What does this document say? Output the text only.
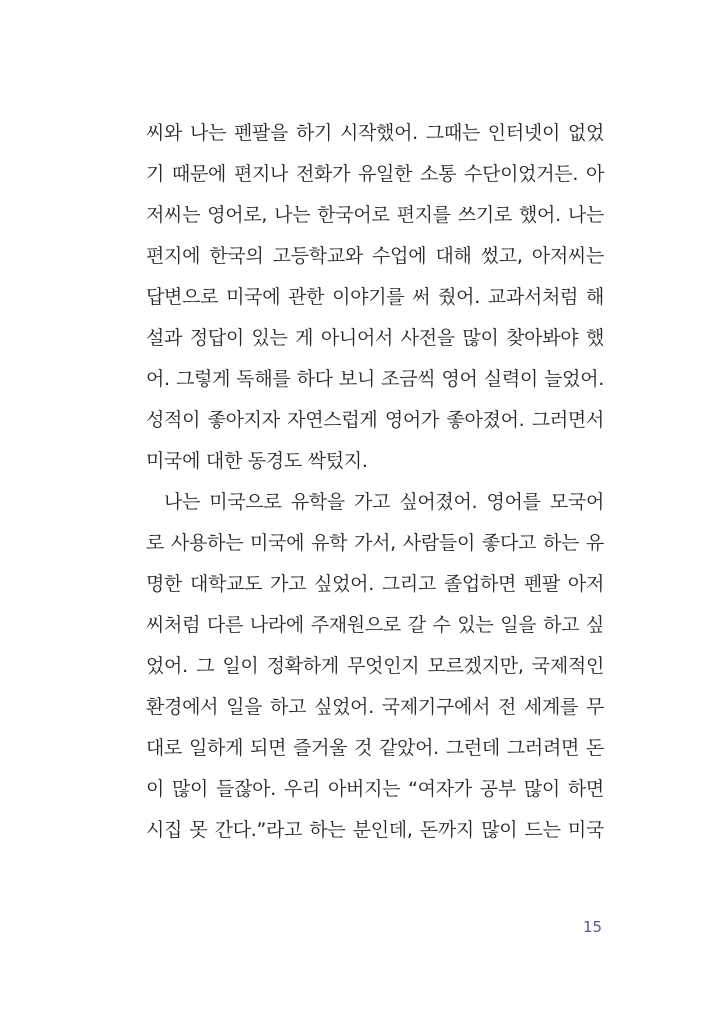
씨와 나는 펜팔을 하기 시작했어. 그때는 인터넷이 없었
기 때문에 편지나 전화가 유일한 소통 수단이었거든. 아
저씨는 영어로, 나는 한국어로 편지를 쓰기로 했어. 나는
편지에 한국의 고등학교와 수업에 대해 썼고, 아저씨는
답변으로 미국에 관한 이야기를 써 줬어. 교과서처럼 해
설과 정답이 있는 게 아니어서 사전을 많이 찾아봐야 했
어. 그렇게 독해를 하다 보니 조금씩 영어 실력이 늘었어.
성적이 좋아지자 자연스럽게 영어가 좋아졌어. 그러면서
미국에 대한 동경도 싹텄지.
나는 미국으로 유학을 가고 싶어졌어. 영어를 모국어
로 사용하는 미국에 유학 가서, 사람들이 좋다고 하는 유
명한 대학교도 가고 싶었어. 그리고 졸업하면 펜팔 아저
씨처럼 다른 나라에 주재원으로 갈 수 있는 일을 하고 싶
었어. 그 일이 정확하게 무엇인지 모르겠지만, 국제적인
환경에서 일을 하고 싶었어. 국제기구에서 전 세계를 무
대로 일하게 되면 즐거울 것 같았어. 그런데 그러려면 돈
이 많이 들잖아. 우리 아버지는 “여자가 공부 많이 하면
시집 못 간다.”라고 하는 분인데, 돈까지 많이 드는 미국
15
